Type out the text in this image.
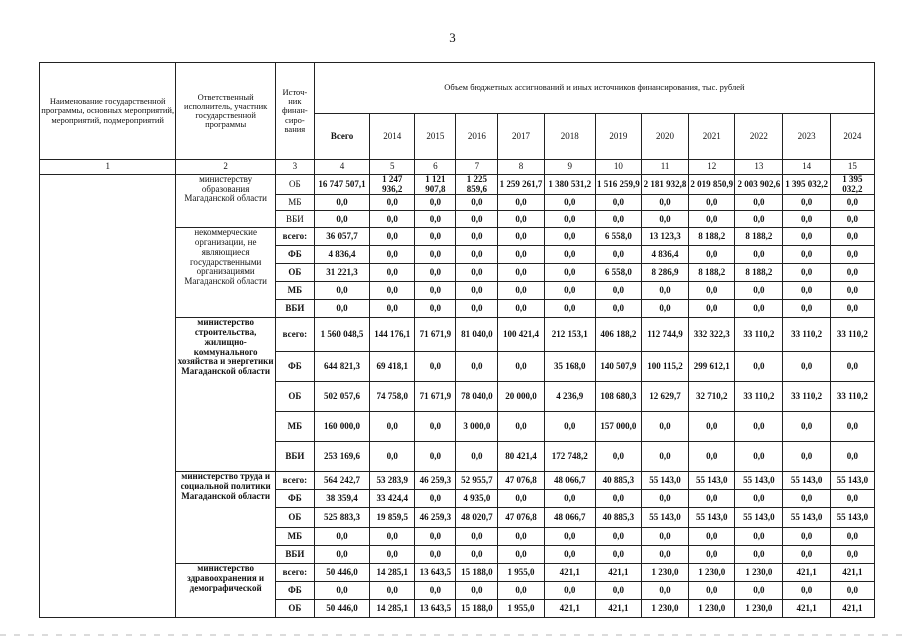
3
Наименование государственной программы, основных мероприятий, мероприятий, подмероприятий	Ответственный исполнитель, участник государственной программы	Источ-ник финан-сиро-вания	Объем бюджетных ассигнований и иных источников финансирования, тыс. рублей											
			Всего	2014	2015	2016	2017	2018	2019	2020	2021	2022	2023	2024
1	2	3	4	5	6	7	8	9	10	11	12	13	14	15
	министерству образования Магаданской области	ОБ	16 747 507,1	1 247 936,2	1 121 907,8	1 225 859,6	1 259 261,7	1 380 531,2	1 516 259,9	2 181 932,8	2 019 850,9	2 003 902,6	1 395 032,2	1 395 032,2
		МБ	0,0	0,0	0,0	0,0	0,0	0,0	0,0	0,0	0,0	0,0	0,0	0,0
		ВБИ	0,0	0,0	0,0	0,0	0,0	0,0	0,0	0,0	0,0	0,0	0,0	0,0
	некоммерческие организации, не являющиеся государственными организациями Магаданской области	всего:	36 057,7	0,0	0,0	0,0	0,0	0,0	6 558,0	13 123,3	8 188,2	8 188,2	0,0	0,0
		ФБ	4 836,4	0,0	0,0	0,0	0,0	0,0	0,0	4 836,4	0,0	0,0	0,0	0,0
		ОБ	31 221,3	0,0	0,0	0,0	0,0	0,0	6 558,0	8 286,9	8 188,2	8 188,2	0,0	0,0
		МБ	0,0	0,0	0,0	0,0	0,0	0,0	0,0	0,0	0,0	0,0	0,0	0,0
		ВБИ	0,0	0,0	0,0	0,0	0,0	0,0	0,0	0,0	0,0	0,0	0,0	0,0
	министерство строительства, жилищно-коммунального хозяйства и энергетики Магаданской области	всего:	1 560 048,5	144 176,1	71 671,9	81 040,0	100 421,4	212 153,1	406 188,2	112 744,9	332 322,3	33 110,2	33 110,2	33 110,2
		ФБ	644 821,3	69 418,1	0,0	0,0	0,0	35 168,0	140 507,9	100 115,2	299 612,1	0,0	0,0	0,0
		ОБ	502 057,6	74 758,0	71 671,9	78 040,0	20 000,0	4 236,9	108 680,3	12 629,7	32 710,2	33 110,2	33 110,2	33 110,2
		МБ	160 000,0	0,0	0,0	3 000,0	0,0	0,0	157 000,0	0,0	0,0	0,0	0,0	0,0
		ВБИ	253 169,6	0,0	0,0	0,0	80 421,4	172 748,2	0,0	0,0	0,0	0,0	0,0	0,0
	министерство труда и социальной политики Магаданской области	всего:	564 242,7	53 283,9	46 259,3	52 955,7	47 076,8	48 066,7	40 885,3	55 143,0	55 143,0	55 143,0	55 143,0	55 143,0
		ФБ	38 359,4	33 424,4	0,0	4 935,0	0,0	0,0	0,0	0,0	0,0	0,0	0,0	0,0
		ОБ	525 883,3	19 859,5	46 259,3	48 020,7	47 076,8	48 066,7	40 885,3	55 143,0	55 143,0	55 143,0	55 143,0	55 143,0
		МБ	0,0	0,0	0,0	0,0	0,0	0,0	0,0	0,0	0,0	0,0	0,0	0,0
		ВБИ	0,0	0,0	0,0	0,0	0,0	0,0	0,0	0,0	0,0	0,0	0,0	0,0
	министерство здравоохранения и демографической	всего:	50 446,0	14 285,1	13 643,5	15 188,0	1 955,0	421,1	421,1	1 230,0	1 230,0	1 230,0	421,1	421,1
		ФБ	0,0	0,0	0,0	0,0	0,0	0,0	0,0	0,0	0,0	0,0	0,0	0,0
		ОБ	50 446,0	14 285,1	13 643,5	15 188,0	1 955,0	421,1	421,1	1 230,0	1 230,0	1 230,0	421,1	421,1
